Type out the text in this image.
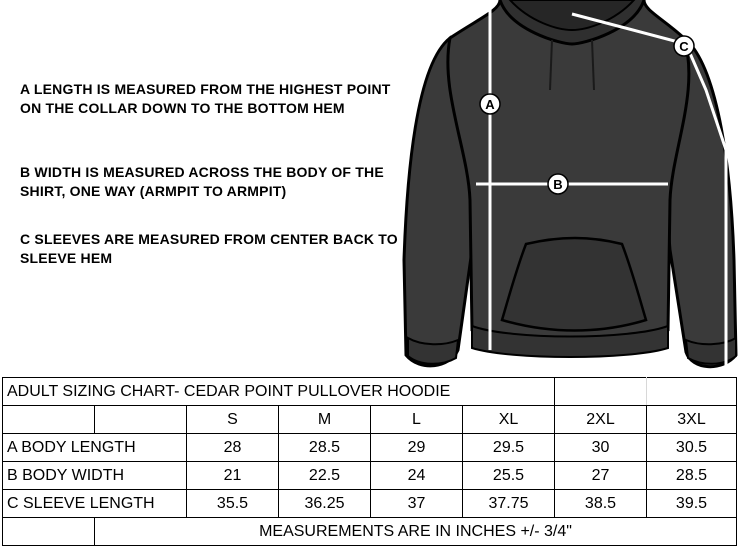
A LENGTH IS MEASURED FROM THE HIGHEST POINT ON THE COLLAR DOWN TO THE BOTTOM HEM

B WIDTH IS MEASURED ACROSS THE BODY OF THE SHIRT, ONE WAY (ARMPIT TO ARMPIT)

C SLEEVES ARE MEASURED FROM CENTER BACK TO SLEEVE HEM

A
B
C
ADULT SIZING CHART- CEDAR POINT PULLOVER HOODIE							
		S	M	L	XL	2XL	3XL
A BODY LENGTH		28	28.5	29	29.5	30	30.5
B BODY WIDTH		21	22.5	24	25.5	27	28.5
C SLEEVE LENGTH		35.5	36.25	37	37.75	38.5	39.5
	MEASUREMENTS ARE IN INCHES +/- 3/4"						
